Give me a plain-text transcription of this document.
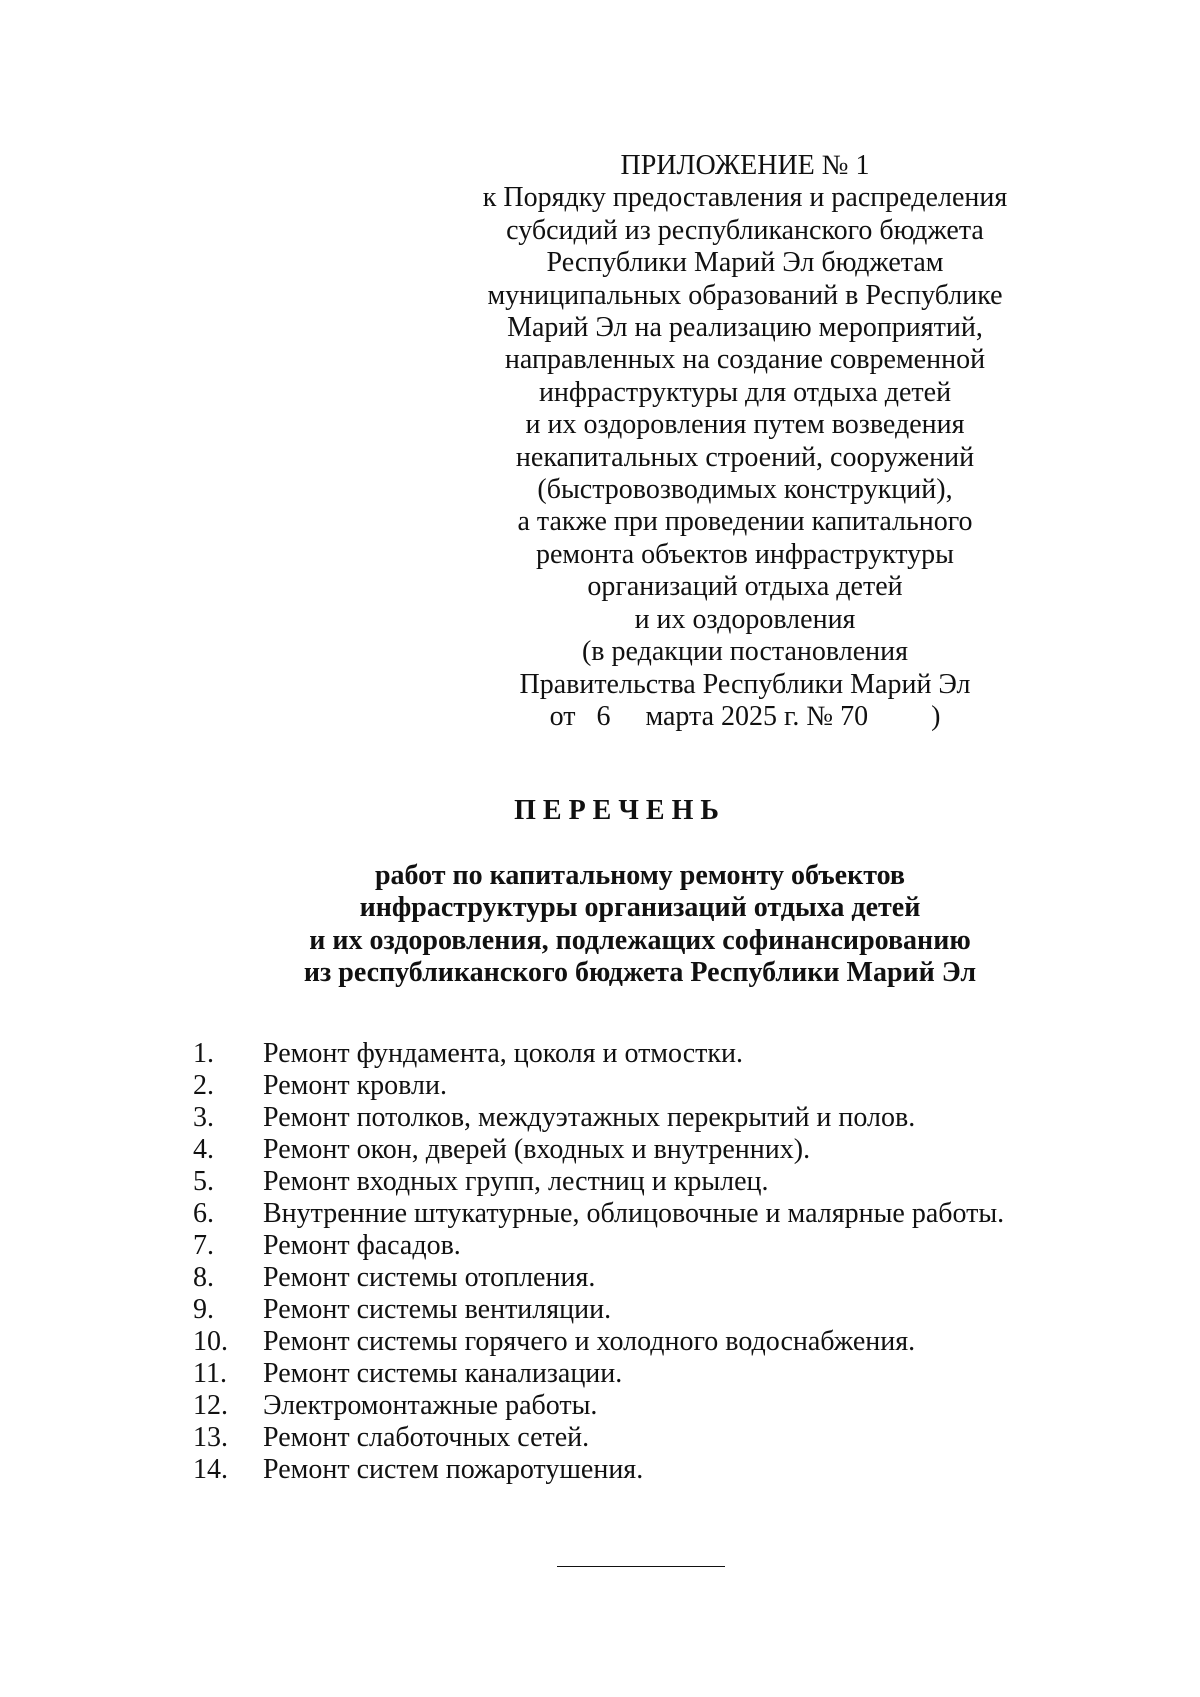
ПРИЛОЖЕНИЕ № 1
к Порядку предоставления и распределения
субсидий из республиканского бюджета
Республики Марий Эл бюджетам
муниципальных образований в Республике
Марий Эл на реализацию мероприятий,
направленных на создание современной
инфраструктуры для отдыха детей
и их оздоровления путем возведения
некапитальных строений, сооружений
(быстровозводимых конструкций),
а также при проведении капитального
ремонта объектов инфраструктуры
организаций отдыха детей
и их оздоровления
(в редакции постановления
Правительства Республики Марий Эл
от   6     марта 2025 г. № 70         )
ПЕРЕЧЕНЬ
работ по капитальному ремонту объектов
инфраструктуры организаций отдыха детей
и их оздоровления, подлежащих софинансированию
из республиканского бюджета Республики Марий Эл
1. Ремонт фундамента, цоколя и отмостки.
2. Ремонт кровли.
3. Ремонт потолков, междуэтажных перекрытий и полов.
4. Ремонт окон, дверей (входных и внутренних).
5. Ремонт входных групп, лестниц и крылец.
6. Внутренние штукатурные, облицовочные и малярные работы.
7. Ремонт фасадов.
8. Ремонт системы отопления.
9. Ремонт системы вентиляции.
10. Ремонт системы горячего и холодного водоснабжения.
11. Ремонт системы канализации.
12. Электромонтажные работы.
13. Ремонт слаботочных сетей.
14. Ремонт систем пожаротушения.
